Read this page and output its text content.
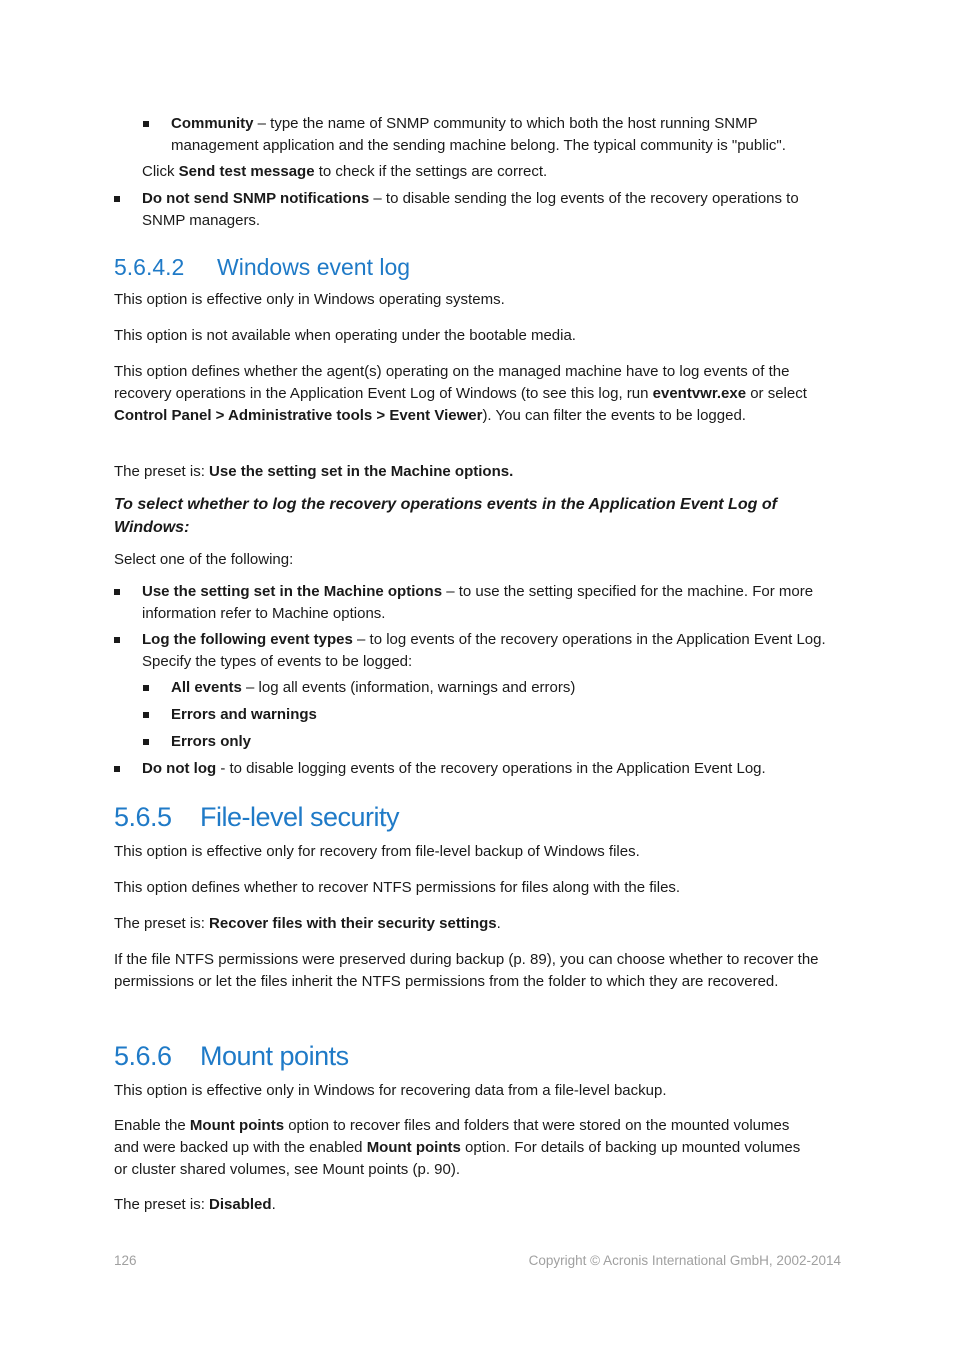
Community – type the name of SNMP community to which both the host running SNMP management application and the sending machine belong. The typical community is "public".

Click Send test message to check if the settings are correct.

Do not send SNMP notifications – to disable sending the log events of the recovery operations to SNMP managers.

5.6.4.2 Windows event log

This option is effective only in Windows operating systems.

This option is not available when operating under the bootable media.

This option defines whether the agent(s) operating on the managed machine have to log events of the recovery operations in the Application Event Log of Windows (to see this log, run eventvwr.exe or select Control Panel > Administrative tools > Event Viewer). You can filter the events to be logged.

The preset is: Use the setting set in the Machine options.

To select whether to log the recovery operations events in the Application Event Log of Windows:

Select one of the following:

Use the setting set in the Machine options – to use the setting specified for the machine. For more information refer to Machine options.

Log the following event types – to log events of the recovery operations in the Application Event Log. Specify the types of events to be logged:

All events – log all events (information, warnings and errors)

Errors and warnings

Errors only

Do not log - to disable logging events of the recovery operations in the Application Event Log.

5.6.5 File-level security

This option is effective only for recovery from file-level backup of Windows files.

This option defines whether to recover NTFS permissions for files along with the files.

The preset is: Recover files with their security settings.

If the file NTFS permissions were preserved during backup (p. 89), you can choose whether to recover the permissions or let the files inherit the NTFS permissions from the folder to which they are recovered.

5.6.6 Mount points

This option is effective only in Windows for recovering data from a file-level backup.

Enable the Mount points option to recover files and folders that were stored on the mounted volumes and were backed up with the enabled Mount points option. For details of backing up mounted volumes or cluster shared volumes, see Mount points (p. 90).

The preset is: Disabled.

126	Copyright © Acronis International GmbH, 2002-2014
